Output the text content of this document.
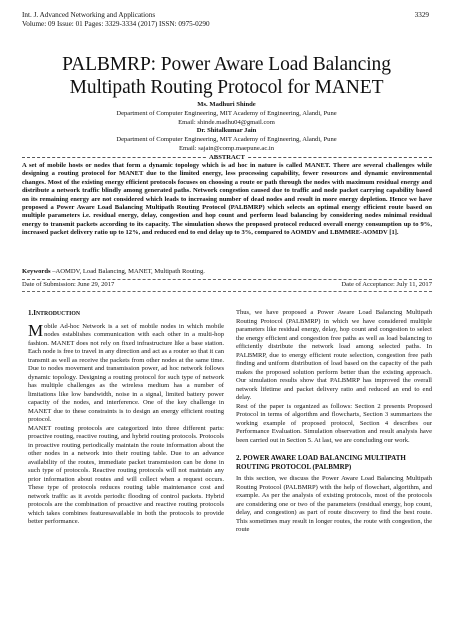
Int. J. Advanced Networking and Applications
Volume: 09 Issue: 01 Pages: 3329-3334 (2017) ISSN: 0975-0290
3329
PALBMRP: Power Aware Load Balancing
Multipath Routing Protocol for MANET
Ms. Madhuri Shinde
Department of Computer Engineering, MIT Academy of Engineering, Alandi, Pune
Email: shinde.madhu04@gmail.com
Dr. Shitalkumar Jain
Department of Computer Engineering, MIT Academy of Engineering, Alandi, Pune
Email: sajain@comp.maepune.ac.in
ABSTRACT
A set of mobile hosts or nodes that form a dynamic topology which is ad hoc in nature is called MANET. There are several challenges while designing a routing protocol for MANET due to the limited energy, less processing capability, fewer resources and dynamic environmental changes. Most of the existing energy efficient protocols focuses on choosing a route or path through the nodes with maximum residual energy and distribute a network traffic blindly among generated paths. Network congestion caused due to traffic and node packet carrying capability based on its remaining energy are not considered which leads to increasing number of dead nodes and result in more energy depletion. Hence we have proposed a Power Aware Load Balancing Multipath Routing Protocol (PALBMRP) which selects an optimal energy efficient route based on multiple parameters i.e. residual energy, delay, congestion and hop count and perform load balancing by considering nodes minimal residual energy to transmit packets according to its capacity. The simulation shows the proposed protocol reduced overall energy consumption up to 9%, increased packet delivery ratio up to 12%, and reduced end to end delay up to 3%, compared to AOMDV and LBMMRE-AOMDV [1].
Keywords –AOMDV, Load Balancing, MANET, Multipath Routing.
Date of Submission: June 29, 2017	Date of Acceptance: July 11, 2017
1.INTRODUCTION

Mobile Ad-hoc Network is a set of mobile nodes in which mobile nodes establishes communication with each other in a multi-hop fashion. MANET does not rely on fixed infrastructure like a base station. Each node is free to travel in any direction and act as a router so that it can transmit as well as receive the packets from other nodes at the same time. Due to nodes movement and transmission power, ad hoc network follows dynamic topology. Designing a routing protocol for such type of network has multiple challenges as the wireless medium has a number of limitations like low bandwidth, noise in a signal, limited battery power capacity of the nodes, and interference. One of the key challenge in MANET due to these constraints is to design an energy efficient routing protocol.

MANET routing protocols are categorized into three different parts: proactive routing, reactive routing, and hybrid routing protocols. Protocols in proactive routing periodically maintain the route information about the other nodes in a network into their routing table. Due to an advance availability of the routes, immediate packet transmission can be done in such type of protocols. Reactive routing protocols will not maintain any prior information about routes and will collect when a request occurs. These type of protocols reduces routing table maintenance cost and network traffic as it avoids periodic flooding of control packets. Hybrid protocols are the combination of proactive and reactive routing protocols which takes combines featuresavailable in both the protocols to provide better performance.

Thus, we have proposed a Power Aware Load Balancing Multipath Routing Protocol (PALBMRP) in which we have considered multiple parameters like residual energy, delay, hop count and congestion to select the energy efficient and congestion free paths as well as load balancing to efficiently distribute the network load among selected paths. In PALBMRP, due to energy efficient route selection, congestion free path finding and uniform distribution of load based on the capacity of the path makes the proposed solution perform better than the existing approach. Our simulation results show that PALBMRP has improved the overall network lifetime and packet delivery ratio and reduced an end to end delay.

Rest of the paper is organized as follows: Section 2 presents Proposed Protocol in terms of algorithm and flowcharts, Section 3 summarizes the working example of proposed protocol, Section 4 describes our Performance Evaluation. Simulation observation and result analysis have been carried out in Section 5. At last, we are concluding our work.

2. POWER AWARE LOAD BALANCING MULTIPATH
ROUTING PROTOCOL (PALBMRP)

In this section, we discuss the Power Aware Load Balancing Multipath Routing Protocol (PALBMRP) with the help of flowchart, algorithm, and example. As per the analysis of existing protocols, most of the protocols are considering one or two of the parameters (residual energy, hop count, delay, and congestion) as part of route discovery to find the best route. This sometimes may result in longer routes, the route with congestion, the route
